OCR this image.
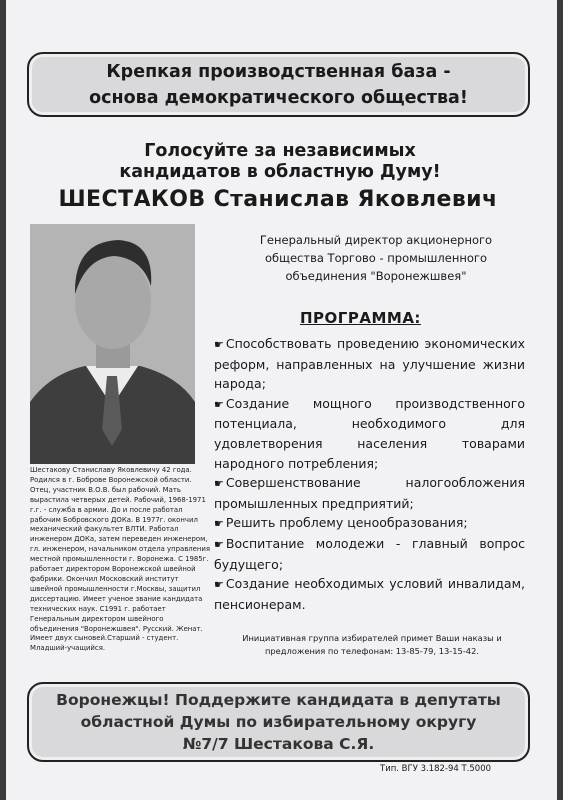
Крепкая производственная база -
основа демократического общества!
Голосуйте за независимых
кандидатов в областную Думу!
ШЕСТАКОВ Станислав Яковлевич
Шестакову Станиславу Яковлевичу 42 года. Родился в г. Боброве Воронежской области. Отец, участник В.О.В. был рабочий. Мать вырастила четверых детей. Рабочий, 1968-1971 г.г. - служба в армии. До и после работал рабочим Бобровского ДОКа. В 1977г. окончил механический факультет ВЛТИ. Работал инженером ДОКа, затем переведен инженером, гл. инженером, начальником отдела управления местной промышленности г. Воронежа. С 1985г. работает директором Воронежской швейной фабрики. Окончил Московский институт швейной промышленности г.Москвы, защитил диссертацию. Имеет ученое звание кандидата технических наук. С1991 г. работает Генеральным директором швейного объединения "Воронежшвея". Русский. Женат. Имеет двух сыновей.Старший - студент. Младший-учащийся.
Генеральный директор акционерного
общества Торгово - промышленного
объединения "Воронежшвея"
ПРОГРАММА:
☛ Способствовать проведению экономических реформ, направленных на улучшение жизни народа;
☛ Создание мощного производственного потенциала, необходимого для удовлетворения населения товарами народного потребления;
☛ Совершенствование налогообложения промышленных предприятий;
☛ Решить проблему ценообразования;
☛ Воспитание молодежи - главный вопрос будущего;
☛ Создание необходимых условий инвалидам, пенсионерам.
Инициативная группа избирателей примет Ваши наказы и
предложения по телефонам: 13-85-79, 13-15-42.
Воронежцы! Поддержите кандидата в депутаты
областной Думы по избирательному округу
№7/7 Шестакова С.Я.
Тип. ВГУ 3.182-94 Т.5000
